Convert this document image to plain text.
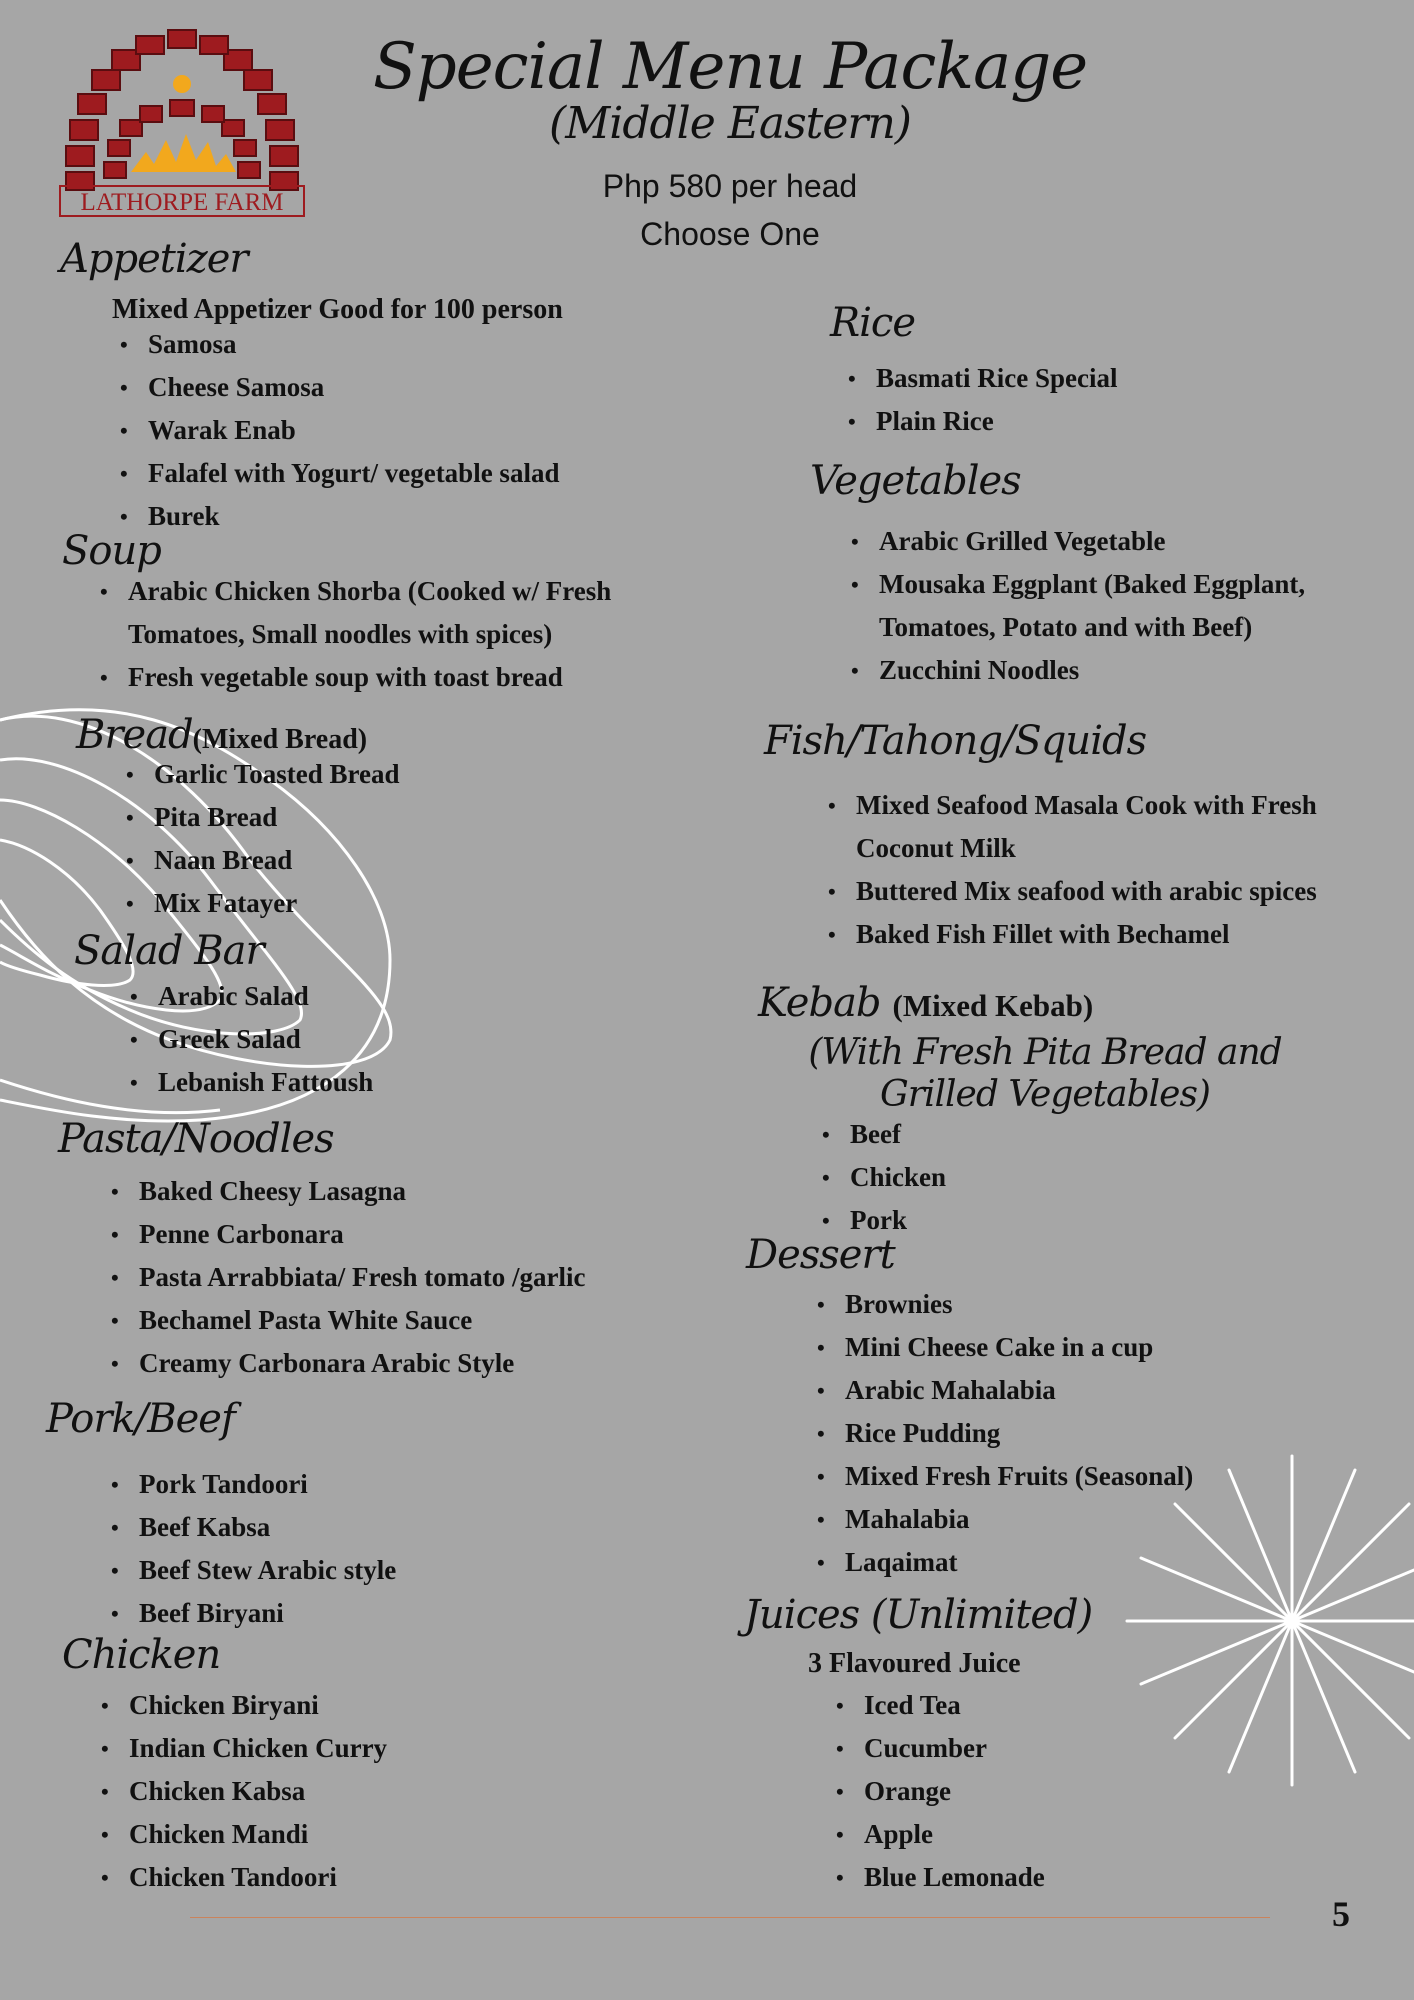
LATHORPE FARM
Special Menu Package
(Middle Eastern)
Php 580 per head
Choose One
Appetizer
Mixed Appetizer Good for 100 person
• Samosa
• Cheese Samosa
• Warak Enab
• Falafel with Yogurt/ vegetable salad
• Burek
Soup
• Arabic Chicken Shorba (Cooked w/ Fresh Tomatoes, Small noodles with spices)
• Fresh vegetable soup with toast bread
Bread(Mixed Bread)
• Garlic Toasted Bread
• Pita Bread
• Naan Bread
• Mix Fatayer
Salad Bar
• Arabic Salad
• Greek Salad
• Lebanish Fattoush
Pasta/Noodles
• Baked Cheesy Lasagna
• Penne Carbonara
• Pasta Arrabbiata/ Fresh tomato /garlic
• Bechamel Pasta White Sauce
• Creamy Carbonara Arabic Style
Pork/Beef
• Pork Tandoori
• Beef Kabsa
• Beef Stew Arabic style
• Beef Biryani
Chicken
• Chicken Biryani
• Indian Chicken Curry
• Chicken Kabsa
• Chicken Mandi
• Chicken Tandoori
Rice
• Basmati Rice Special
• Plain Rice
Vegetables
• Arabic Grilled Vegetable
• Mousaka Eggplant (Baked Eggplant, Tomatoes, Potato and with Beef)
• Zucchini Noodles
Fish/Tahong/Squids
• Mixed Seafood Masala Cook with Fresh Coconut Milk
• Buttered Mix seafood with arabic spices
• Baked Fish Fillet with Bechamel
Kebab (Mixed Kebab)
(With Fresh Pita Bread and Grilled Vegetables)
• Beef
• Chicken
• Pork
Dessert
• Brownies
• Mini Cheese Cake in a cup
• Arabic Mahalabia
• Rice Pudding
• Mixed Fresh Fruits (Seasonal)
• Mahalabia
• Laqaimat
Juices (Unlimited)
3 Flavoured Juice
• Iced Tea
• Cucumber
• Orange
• Apple
• Blue Lemonade
5
